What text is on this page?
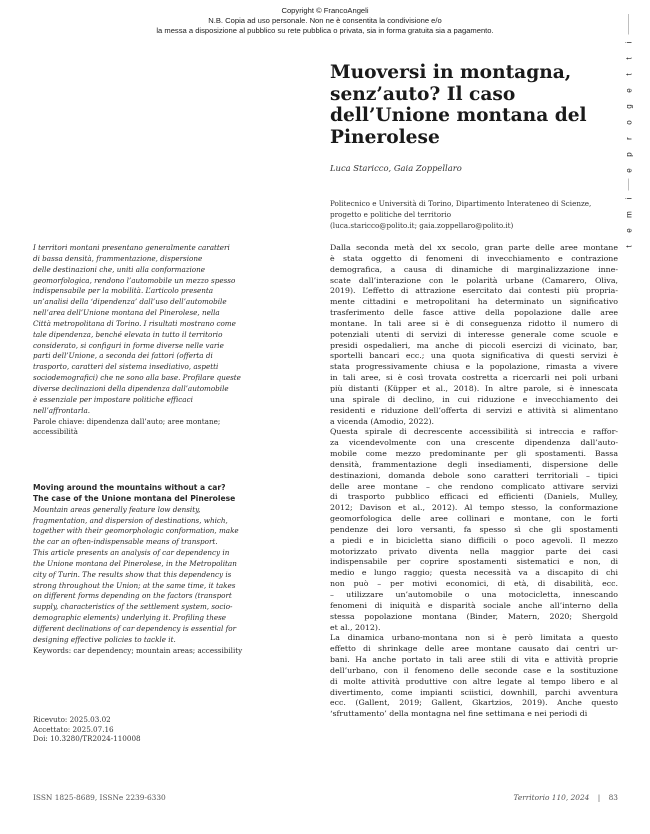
Copyright © FrancoAngeli
N.B. Copia ad uso personale. Non ne è consentita la condivisione e/o
la messa a disposizione al pubblico su rete pubblica o privata, sia in forma gratuita sia a pagamento.
t
e
m
i
e
p
r
o
g
e
t
t
i
Muoversi in montagna, senz’auto? Il caso dell’Unione montana del Pinerolese
Luca Staricco, Gaia Zoppellaro
Politecnico e Università di Torino, Dipartimento Interateneo di Scienze,
progetto e politiche del territorio
(luca.staricco@polito.it; gaia.zoppellaro@polito.it)
I territori montani presentano generalmente caratteri
di bassa densità, frammentazione, dispersione
delle destinazioni che, uniti alla conformazione
geomorfologica, rendono l’automobile un mezzo spesso
indispensabile per la mobilità. L’articolo presenta
un’analisi della ‘dipendenza’ dall’uso dell’automobile
nell’area dell’Unione montana del Pinerolese, nella
Città metropolitana di Torino. I risultati mostrano come
tale dipendenza, benché elevata in tutto il territorio
considerato, si configuri in forme diverse nelle varie
parti dell’Unione, a seconda dei fattori (offerta di
trasporto, caratteri del sistema insediativo, aspetti
sociodemografici) che ne sono alla base. Profilare queste
diverse declinazioni della dipendenza dall’automobile
è essenziale per impostare politiche efficaci
nell’affrontarla.
Parole chiave: dipendenza dall’auto; aree montane;
accessibilità
Moving around the mountains without a car?
The case of the Unione montana del Pinerolese
Mountain areas generally feature low density,
fragmentation, and dispersion of destinations, which,
together with their geomorphologic conformation, make
the car an often-indispensable means of transport.
This article presents an analysis of car dependency in
the Unione montana del Pinerolese, in the Metropolitan
city of Turin. The results show that this dependency is
strong throughout the Union; at the same time, it takes
on different forms depending on the factors (transport
supply, characteristics of the settlement system, socio-
demographic elements) underlying it. Profiling these
different declinations of car dependency is essential for
designing effective policies to tackle it.
Keywords: car dependency; mountain areas; accessibility
Ricevuto: 2025.03.02
Accettato: 2025.07.16
Doi: 10.3280/TR2024-110008
Dalla seconda metà del xx secolo, gran parte delle aree montane
è stata oggetto di fenomeni di invecchiamento e contrazione
demografica, a causa di dinamiche di marginalizzazione inne-
scate dall’interazione con le polarità urbane (Camarero, Oliva,
2019). L’effetto di attrazione esercitato dai contesti più propria-
mente cittadini e metropolitani ha determinato un significativo
trasferimento delle fasce attive della popolazione dalle aree
montane. In tali aree si è di conseguenza ridotto il numero di
potenziali utenti di servizi di interesse generale come scuole e
presidi ospedalieri, ma anche di piccoli esercizi di vicinato, bar,
sportelli bancari ecc.; una quota significativa di questi servizi è
stata progressivamente chiusa e la popolazione, rimasta a vivere
in tali aree, si è così trovata costretta a ricercarli nei poli urbani
più distanti (Küpper et al., 2018). In altre parole, si è innescata
una spirale di declino, in cui riduzione e invecchiamento dei
residenti e riduzione dell’offerta di servizi e attività si alimentano
a vicenda (Amodio, 2022).
Questa spirale di decrescente accessibilità si intreccia e raffor-
za vicendevolmente con una crescente dipendenza dall’auto-
mobile come mezzo predominante per gli spostamenti. Bassa
densità, frammentazione degli insediamenti, dispersione delle
destinazioni, domanda debole sono caratteri territoriali – tipici
delle aree montane – che rendono complicato attivare servizi
di trasporto pubblico efficaci ed efficienti (Daniels, Mulley,
2012; Davison et al., 2012). Al tempo stesso, la conformazione
geomorfologica delle aree collinari e montane, con le forti
pendenze dei loro versanti, fa spesso sì che gli spostamenti
a piedi e in bicicletta siano difficili o poco agevoli. Il mezzo
motorizzato privato diventa nella maggior parte dei casi
indispensabile per coprire spostamenti sistematici e non, di
medio e lungo raggio; questa necessità va a discapito di chi
non può – per motivi economici, di età, di disabilità, ecc.
– utilizzare un’automobile o una motocicletta, innescando
fenomeni di iniquità e disparità sociale anche all’interno della
stessa popolazione montana (Binder, Matern, 2020; Shergold
et al., 2012).
La dinamica urbano-montana non si è però limitata a questo
effetto di shrinkage delle aree montane causato dai centri ur-
bani. Ha anche portato in tali aree stili di vita e attività proprie
dell’urbano, con il fenomeno delle seconde case e la sostituzione
di molte attività produttive con altre legate al tempo libero e al
divertimento, come impianti sciistici, downhill, parchi avventura
ecc. (Gallent, 2019; Gallent, Gkartzios, 2019). Anche questo
‘sfruttamento’ della montagna nel fine settimana e nei periodi di
ISSN 1825-8689, ISSNe 2239-6330	Territorio 110, 2024 | 83
